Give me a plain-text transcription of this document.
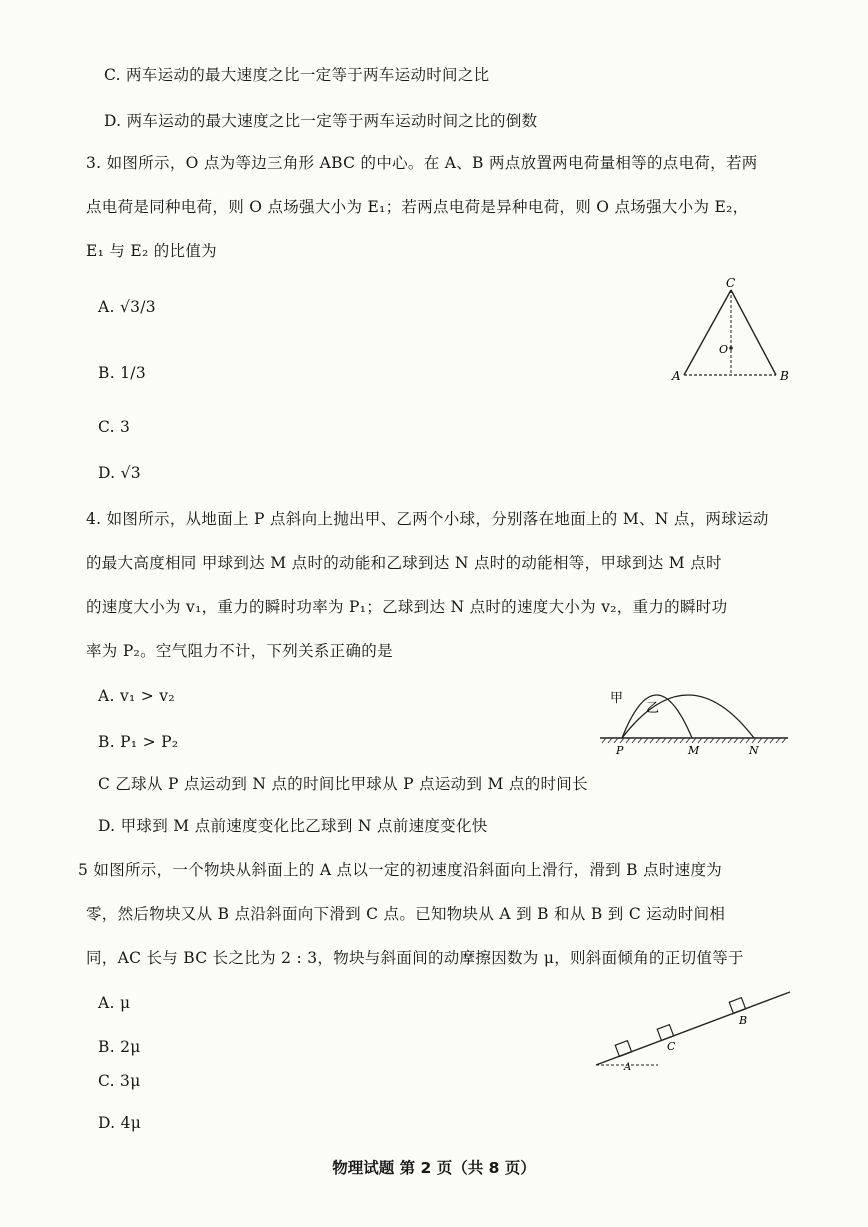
C. 两车运动的最大速度之比一定等于两车运动时间之比
D. 两车运动的最大速度之比一定等于两车运动时间之比的倒数
3. 如图所示，O 点为等边三角形 ABC 的中心。在 A、B 两点放置两电荷量相等的点电荷，若两
点电荷是同种电荷，则 O 点场强大小为 E₁；若两点电荷是异种电荷，则 O 点场强大小为 E₂，
E₁ 与 E₂ 的比值为
A. √3/3
B. 1/3
C. 3
D. √3
C
A	B
O
4. 如图所示，从地面上 P 点斜向上抛出甲、乙两个小球，分别落在地面上的 M、N 点，两球运动
的最大高度相同 甲球到达 M 点时的动能和乙球到达 N 点时的动能相等，甲球到达 M 点时
的速度大小为 v₁，重力的瞬时功率为 P₁；乙球到达 N 点时的速度大小为 v₂，重力的瞬时功
率为 P₂。空气阻力不计，下列关系正确的是
A. v₁ > v₂
B. P₁ > P₂
C 乙球从 P 点运动到 N 点的时间比甲球从 P 点运动到 M 点的时间长
D. 甲球到 M 点前速度变化比乙球到 N 点前速度变化快
甲
乙
P	M	N
5 如图所示，一个物块从斜面上的 A 点以一定的初速度沿斜面向上滑行，滑到 B 点时速度为
零，然后物块又从 B 点沿斜面向下滑到 C 点。已知物块从 A 到 B 和从 B 到 C 运动时间相
同，AC 长与 BC 长之比为 2 : 3，物块与斜面间的动摩擦因数为 μ，则斜面倾角的正切值等于
A. μ
B. 2μ
C. 3μ
D. 4μ
A
C
B
物理试题 第 2 页（共 8 页）
